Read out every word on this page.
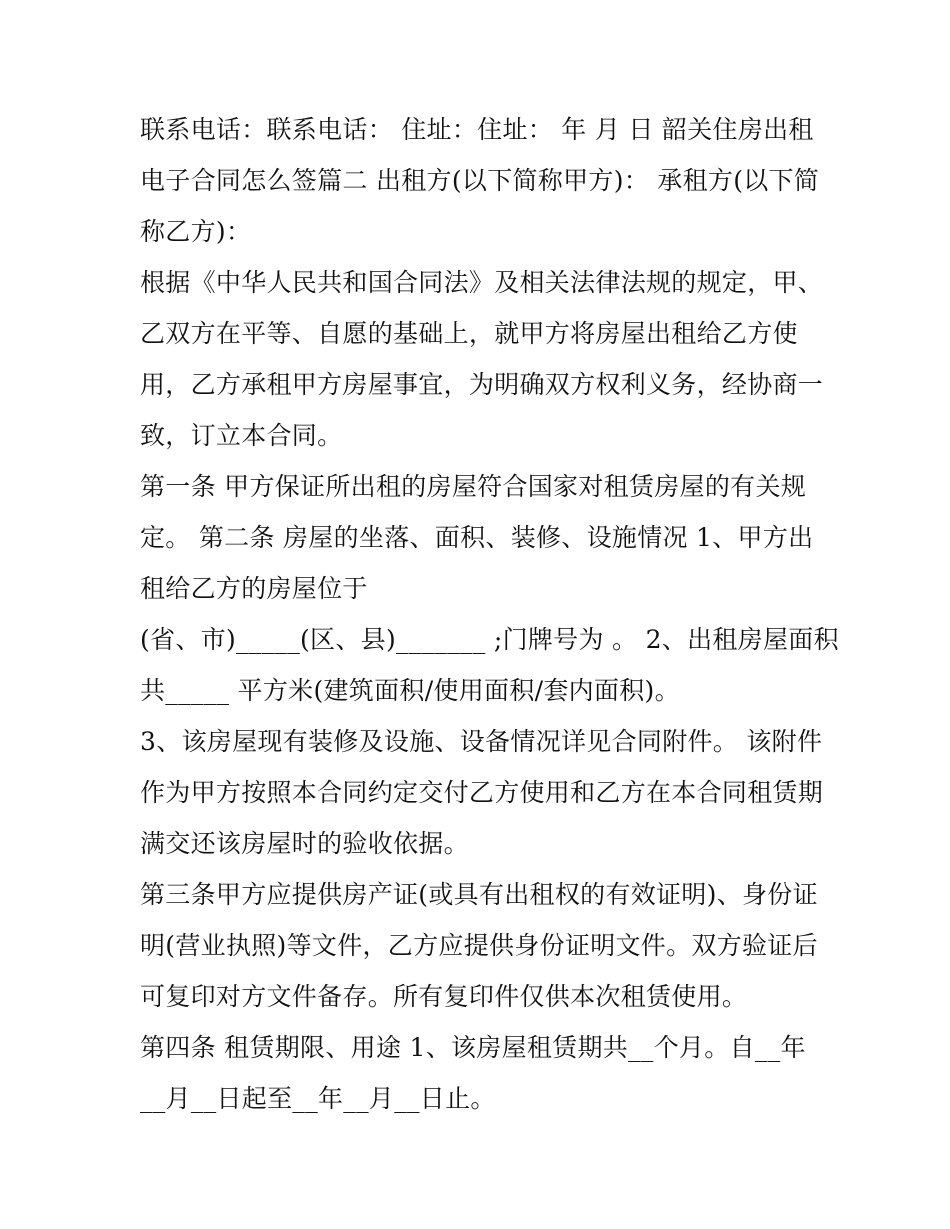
联系电话：联系电话： 住址：住址： 年 月 日 韶关住房出租
电子合同怎么签篇二 出租方(以下简称甲方)： 承租方(以下简
称乙方)：
根据《中华人民共和国合同法》及相关法律法规的规定，甲、
乙双方在平等、自愿的基础上，就甲方将房屋出租给乙方使
用，乙方承租甲方房屋事宜，为明确双方权利义务，经协商一
致，订立本合同。
第一条 甲方保证所出租的房屋符合国家对租赁房屋的有关规
定。 第二条 房屋的坐落、面积、装修、设施情况 1、甲方出
租给乙方的房屋位于
(省、市)_____(区、县)_______ ;门牌号为 。 2、出租房屋面积
共_____ 平方米(建筑面积/使用面积/套内面积)。
3、该房屋现有装修及设施、设备情况详见合同附件。 该附件
作为甲方按照本合同约定交付乙方使用和乙方在本合同租赁期
满交还该房屋时的验收依据。
第三条甲方应提供房产证(或具有出租权的有效证明)、身份证
明(营业执照)等文件，乙方应提供身份证明文件。双方验证后
可复印对方文件备存。所有复印件仅供本次租赁使用。
第四条 租赁期限、用途 1、该房屋租赁期共__个月。自__年
__月__日起至__年__月__日止。
